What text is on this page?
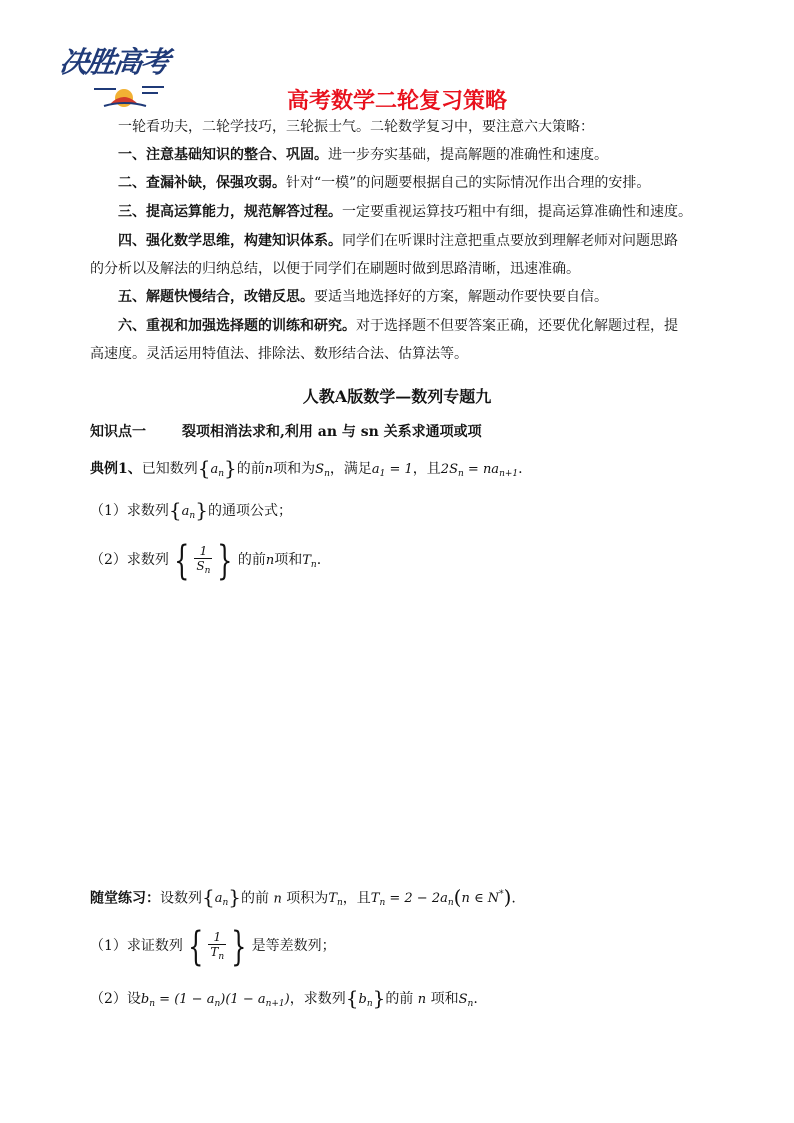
决胜高考
高考数学二轮复习策略
一轮看功夫，二轮学技巧，三轮振士气。二轮数学复习中，要注意六大策略：
一、注意基础知识的整合、巩固。进一步夯实基础，提高解题的准确性和速度。
二、查漏补缺，保强攻弱。针对“一模”的问题要根据自己的实际情况作出合理的安排。
三、提高运算能力，规范解答过程。一定要重视运算技巧粗中有细，提高运算准确性和速度。
四、强化数学思维，构建知识体系。同学们在听课时注意把重点要放到理解老师对问题思路
的分析以及解法的归纳总结，以便于同学们在刷题时做到思路清晰，迅速准确。
五、解题快慢结合，改错反思。要适当地选择好的方案，解题动作要快要自信。
六、重视和加强选择题的训练和研究。对于选择题不但要答案正确，还要优化解题过程，提
高速度。灵活运用特值法、排除法、数形结合法、估算法等。
人教A版数学—数列专题九
知识点一	裂项相消法求和,利用 an 与 sn 关系求通项或项
典例1、已知数列$\{a_n\}$的前n项和为$S_n$，满足$a_1 = 1$，且$2S_n = na_{n+1}$.
（1）求数列$\{a_n\}$的通项公式；
（2）求数列 { $\frac{1}{S_n}$ } 的前n项和$T_n$.
随堂练习：设数列$\{a_n\}$的前 n 项积为$T_n$，且$T_n = 2 - 2a_n(n$ ∈ N*).
（1）求证数列 { $\frac{1}{T_n}$ } 是等差数列；
（2）设$b_n = (1 - a_n)(1 - a_{n+1})$，求数列$\{b_n\}$的前 n 项和$S_n$.
